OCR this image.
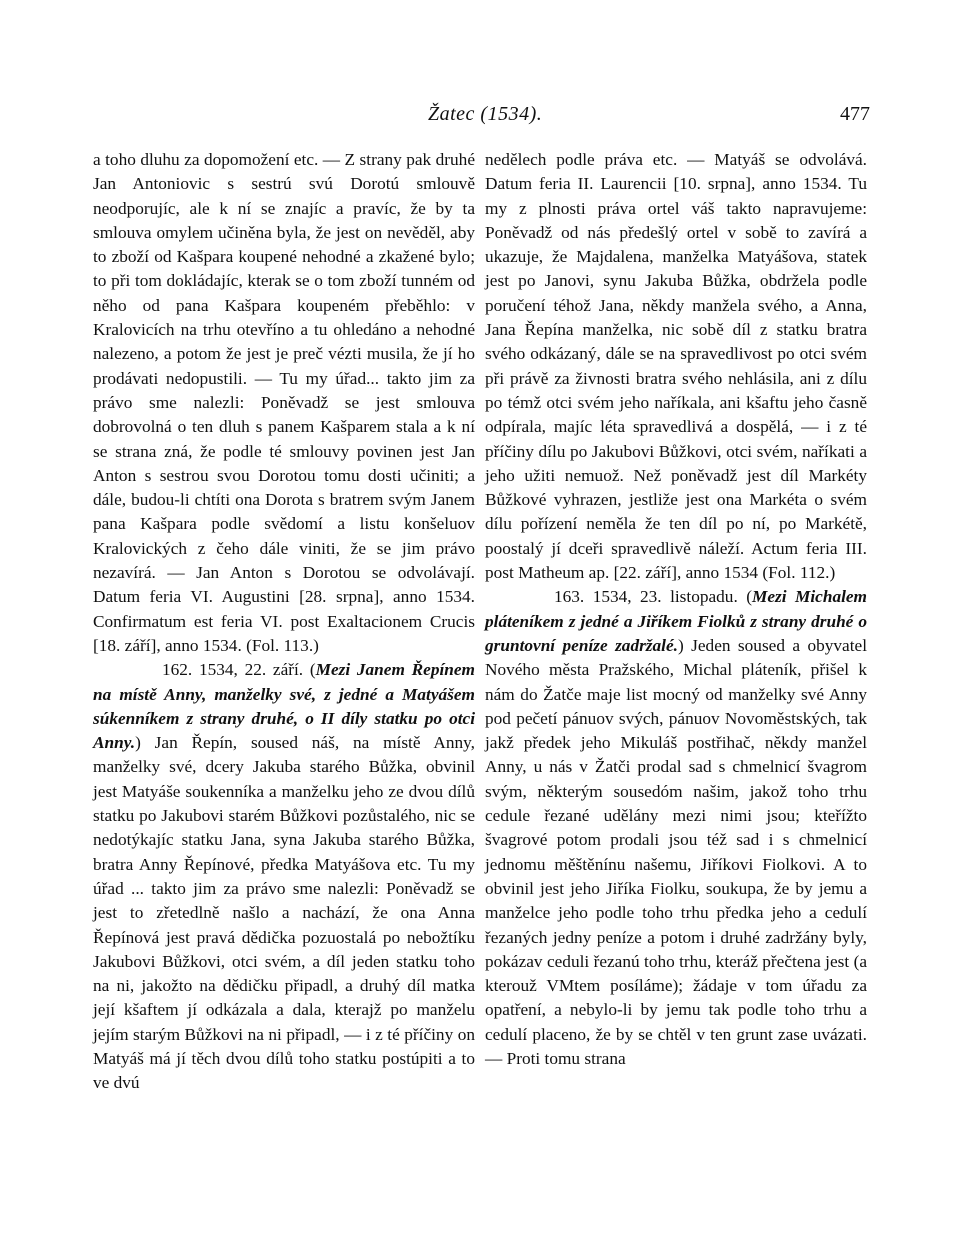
Žatec (1534).	477

a toho dluhu za dopomožení etc. — Z strany pak druhé Jan Antoniovic s sestrú svú Dorotú smlouvě neodporujíc, ale k ní se znajíc a pravíc, že by ta smlouva omylem učiněna byla, že jest on nevěděl, aby to zboží od Kašpara koupené nehodné a zkažené bylo; to při tom dokládajíc, kterak se o tom zboží tunném od něho od pana Kašpara koupeném přeběhlo: v Kralovicích na trhu otevříno a tu ohledáno a nehodné nalezeno, a potom že jest je preč vézti musila, že jí ho prodávati nedopustili. — Tu my úřad... takto jim za právo sme nalezli: Poněvadž se jest smlouva dobrovolná o ten dluh s panem Kašparem stala a k ní se strana zná, že podle té smlouvy povinen jest Jan Anton s sestrou svou Dorotou tomu dosti učiniti; a dále, budou-li chtíti ona Dorota s bratrem svým Janem pana Kašpara podle svědomí a listu konšeluov Kralovických z čeho dále viniti, že se jim právo nezavírá. — Jan Anton s Dorotou se odvolávají. Datum feria VI. Augustini [28. srpna], anno 1534. Confirmatum est feria VI. post Exaltacionem Crucis [18. září], anno 1534. (Fol. 113.)

162. 1534, 22. září. (Mezi Janem Řepínem na místě Anny, manželky své, z jedné a Matyášem súkenníkem z strany druhé, o II díly statku po otci Anny.) Jan Řepín, soused náš, na místě Anny, manželky své, dcery Jakuba starého Bůžka, obvinil jest Matyáše soukenníka a manželku jeho ze dvou dílů statku po Jakubovi starém Bůžkovi pozůstalého, nic se nedotýkajíc statku Jana, syna Jakuba starého Bůžka, bratra Anny Řepínové, předka Matyášova etc. Tu my úřad ... takto jim za právo sme nalezli: Poněvadž se jest to zřetedlně našlo a nachází, že ona Anna Řepínová jest pravá dědička pozuostalá po nebožtíku Jakubovi Bůžkovi, otci svém, a díl jeden statku toho na ni, jakožto na dědičku připadl, a druhý díl matka její kšaftem jí odkázala a dala, kterajž po manželu jejím starým Bůžkovi na ni připadl, — i z té příčiny on Matyáš má jí těch dvou dílů toho statku postúpiti a to ve dvú

nedělech podle práva etc. — Matyáš se odvolává. Datum feria II. Laurencii [10. srpna], anno 1534. Tu my z plnosti práva ortel váš takto napravujeme: Poněvadž od nás předešlý ortel v sobě to zavírá a ukazuje, že Majdalena, manželka Matyášova, statek jest po Janovi, synu Jakuba Bůžka, obdržela podle poručení téhož Jana, někdy manžela svého, a Anna, Jana Řepína manželka, nic sobě díl z statku bratra svého odkázaný, dále se na spravedlivost po otci svém při právě za živnosti bratra svého nehlásila, ani z dílu po témž otci svém jeho naříkala, ani kšaftu jeho časně odpírala, majíc léta spravedlivá a dospělá, — i z té příčiny dílu po Jakubovi Bůžkovi, otci svém, naříkati a jeho užiti nemuož. Než poněvadž jest díl Markéty Bůžkové vyhrazen, jestliže jest ona Markéta o svém dílu pořízení neměla že ten díl po ní, po Markétě, poostalý jí dceři spravedlivě náleží. Actum feria III. post Matheum ap. [22. září], anno 1534 (Fol. 112.)

163. 1534, 23. listopadu. (Mezi Michalem pláteníkem z jedné a Jiříkem Fiolků z strany druhé o gruntovní peníze zadržalé.) Jeden soused a obyvatel Nového města Pražského, Michal pláteník, přišel k nám do Žatče maje list mocný od manželky své Anny pod pečetí pánuov svých, pánuov Novoměstských, tak jakž předek jeho Mikuláš postřihač, někdy manžel Anny, u nás v Žatči prodal sad s chmelnicí švagrom svým, některým sousedóm našim, jakož toho trhu cedule řezané udělány mezi nimi jsou; kteřížto švagrové potom prodali jsou též sad i s chmelnicí jednomu měštěnínu našemu, Jiříkovi Fiolkovi. A to obvinil jest jeho Jiříka Fiolku, soukupa, že by jemu a manželce jeho podle toho trhu předka jeho a cedulí řezaných jedny peníze a potom i druhé zadržány byly, pokázav ceduli řezanú toho trhu, kteráž přečtena jest (a kterouž VMtem posíláme); žádaje v tom úřadu za opatření, a nebylo-li by jemu tak podle toho trhu a cedulí placeno, že by se chtěl v ten grunt zase uvázati. — Proti tomu strana
